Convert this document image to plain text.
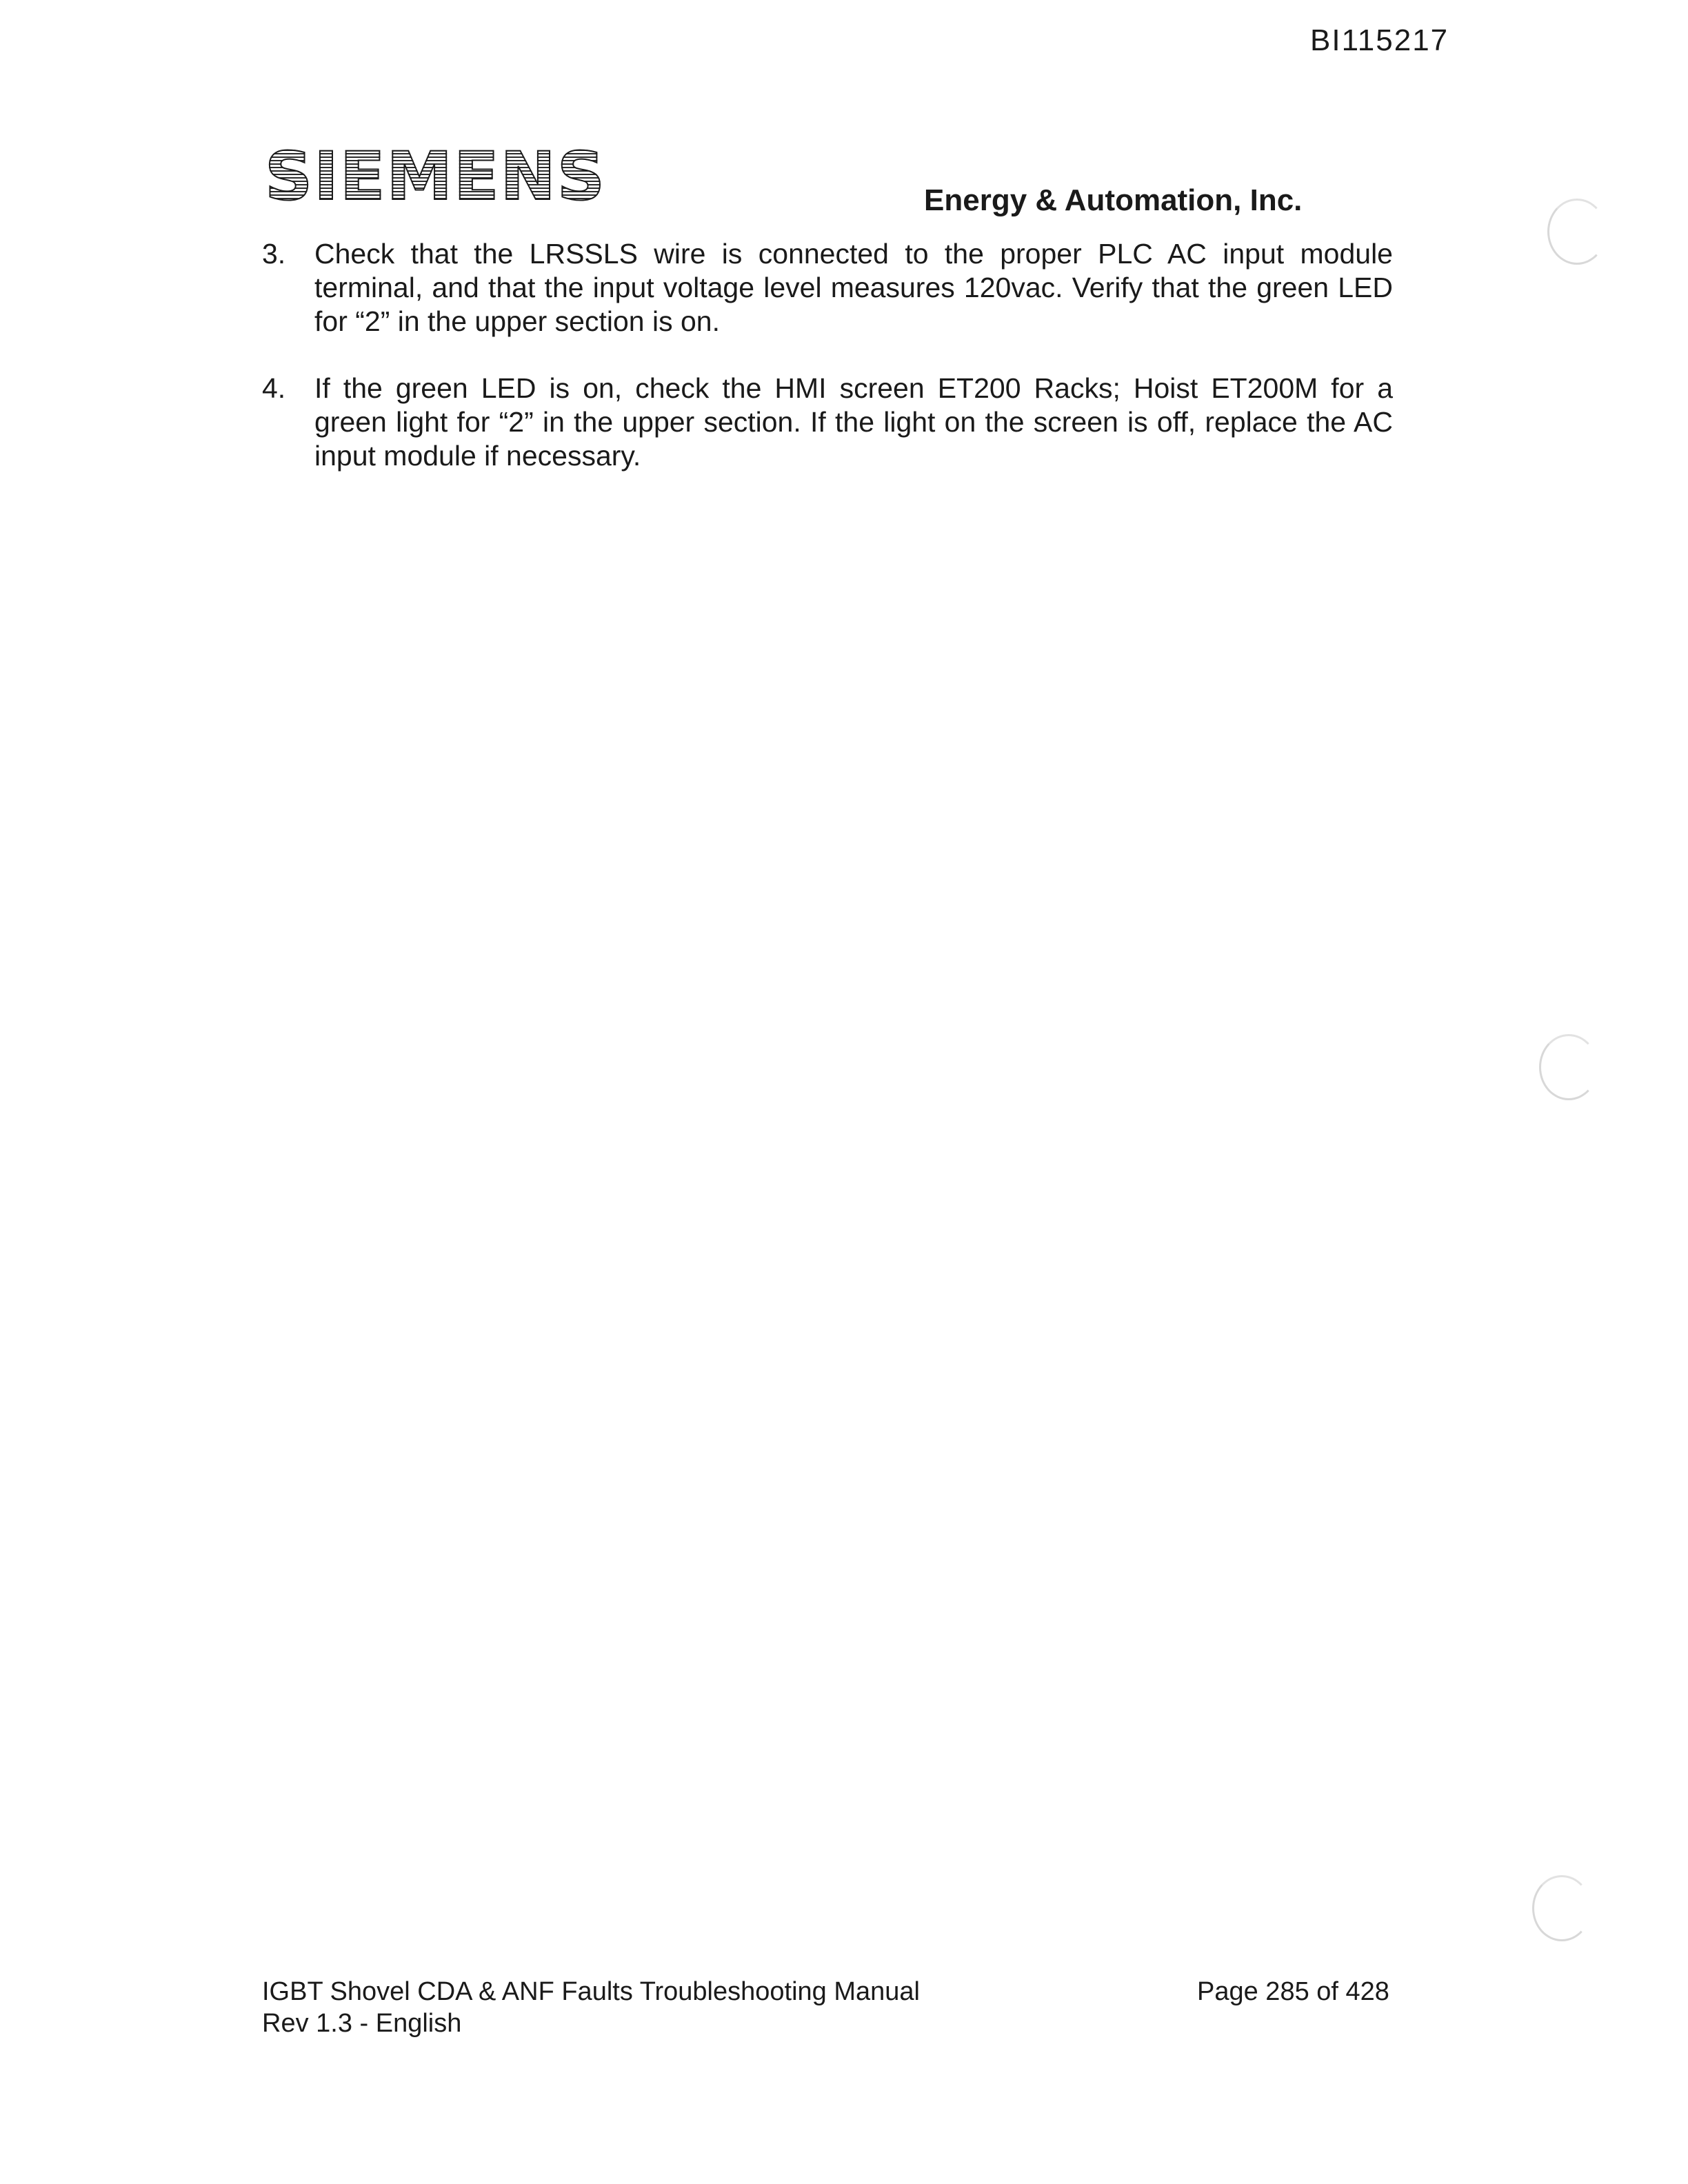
BI115217
SIEMENS	Energy & Automation, Inc.
3.	Check that the LRSSLS wire is connected to the proper PLC AC input module terminal, and that the input voltage level measures 120vac. Verify that the green LED for “2” in the upper section is on.
4.	If the green LED is on, check the HMI screen ET200 Racks; Hoist ET200M for a green light for “2” in the upper section. If the light on the screen is off, replace the AC input module if necessary.
IGBT Shovel CDA & ANF Faults Troubleshooting Manual
Rev 1.3 - English
Page 285 of 428
